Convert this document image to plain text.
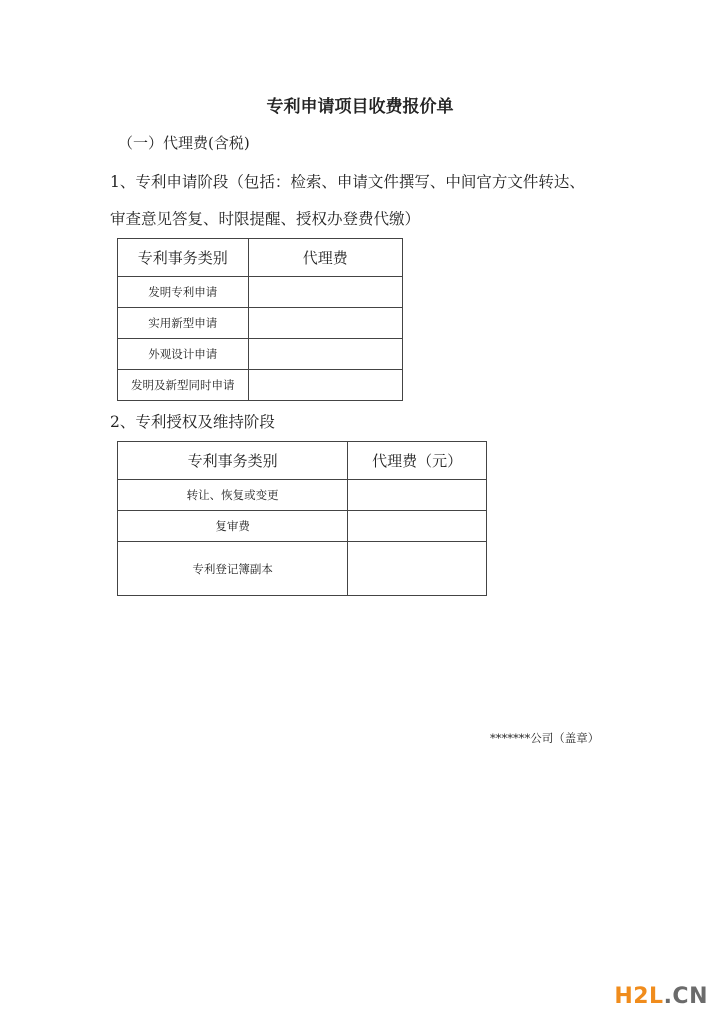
专利申请项目收费报价单
（一）代理费(含税)
1、专利申请阶段（包括：检索、申请文件撰写、中间官方文件转达、
审查意见答复、时限提醒、授权办登费代缴）
专利事务类别	代理费
发明专利申请	
实用新型申请	
外观设计申请	
发明及新型同时申请	
2、专利授权及维持阶段
专利事务类别	代理费（元）
转让、恢复或变更	
复审费	
专利登记簿副本	
*******公司（盖章）
H2L.CN
